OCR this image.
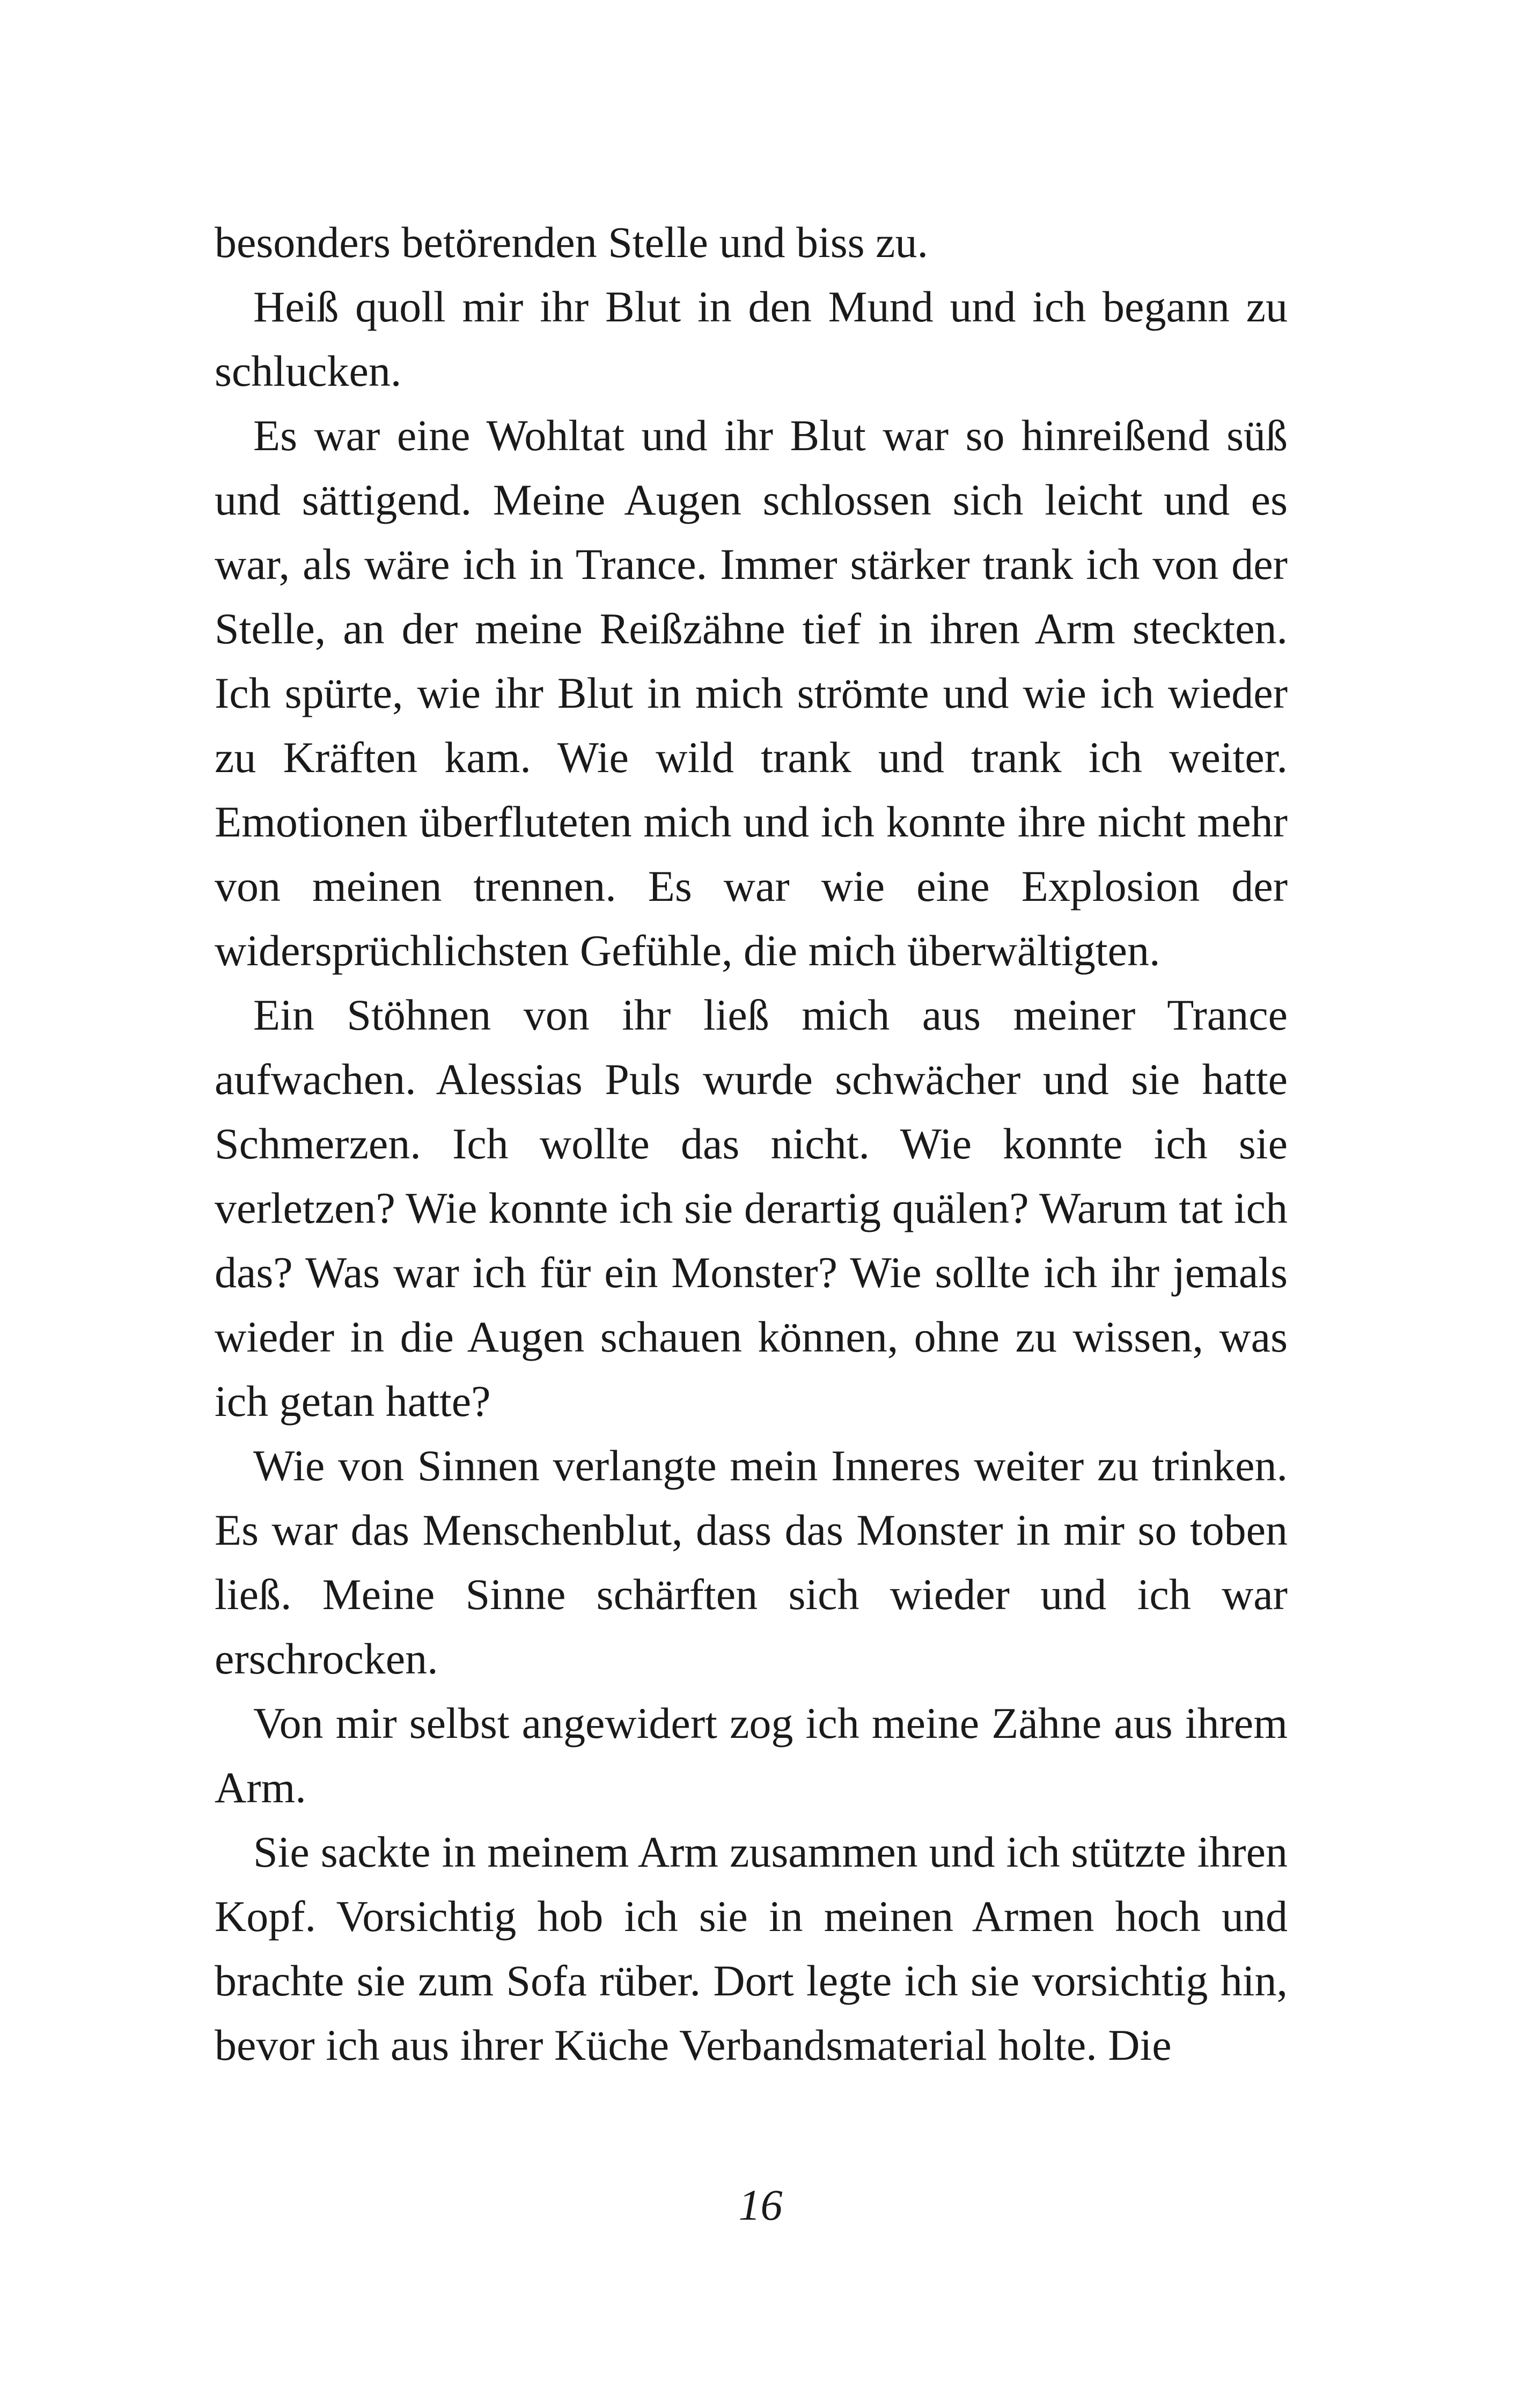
besonders betörenden Stelle und biss zu.

Heiß quoll mir ihr Blut in den Mund und ich begann zu schlucken.

Es war eine Wohltat und ihr Blut war so hinreißend süß und sättigend. Meine Augen schlossen sich leicht und es war, als wäre ich in Trance. Immer stärker trank ich von der Stelle, an der meine Reißzähne tief in ihren Arm steckten. Ich spürte, wie ihr Blut in mich strömte und wie ich wieder zu Kräften kam. Wie wild trank und trank ich weiter. Emotionen überfluteten mich und ich konnte ihre nicht mehr von meinen trennen. Es war wie eine Explosion der widersprüchlichsten Gefühle, die mich überwältigten.

Ein Stöhnen von ihr ließ mich aus meiner Trance aufwachen. Alessias Puls wurde schwächer und sie hatte Schmerzen. Ich wollte das nicht. Wie konnte ich sie verletzen? Wie konnte ich sie derartig quälen? Warum tat ich das? Was war ich für ein Monster? Wie sollte ich ihr jemals wieder in die Augen schauen können, ohne zu wissen, was ich getan hatte?

Wie von Sinnen verlangte mein Inneres weiter zu trinken. Es war das Menschenblut, dass das Monster in mir so toben ließ. Meine Sinne schärften sich wieder und ich war erschrocken.

Von mir selbst angewidert zog ich meine Zähne aus ihrem Arm.

Sie sackte in meinem Arm zusammen und ich stützte ihren Kopf. Vorsichtig hob ich sie in meinen Armen hoch und brachte sie zum Sofa rüber. Dort legte ich sie vorsichtig hin, bevor ich aus ihrer Küche Verbandsmaterial holte. Die

16
